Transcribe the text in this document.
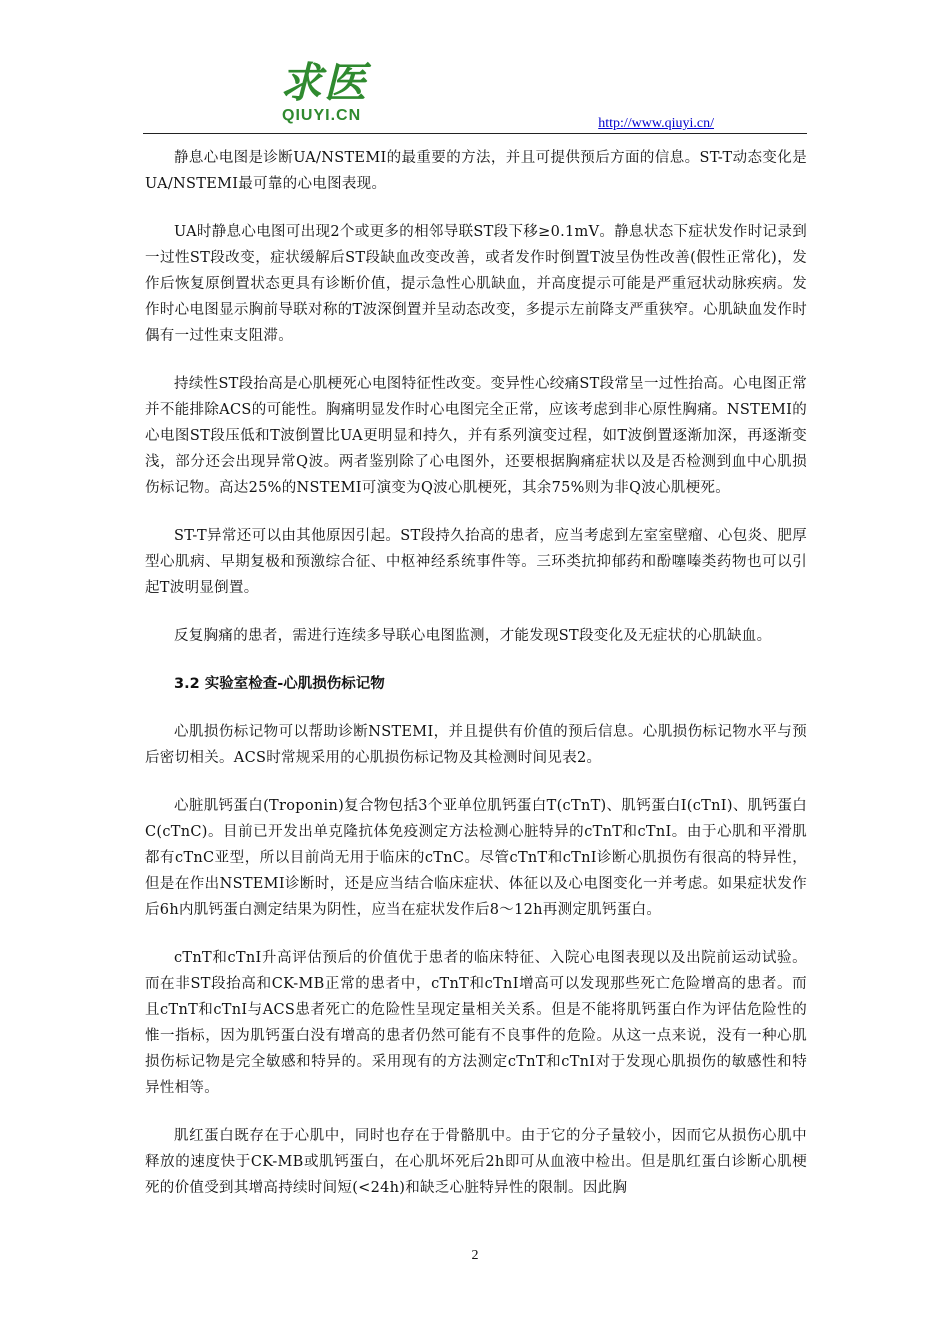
求医
QIUYI.CN	http://www.qiuyi.cn/

静息心电图是诊断UA/NSTEMI的最重要的方法，并且可提供预后方面的信息。ST-T动态变化是UA/NSTEMI最可靠的心电图表现。

UA时静息心电图可出现2个或更多的相邻导联ST段下移≥0.1mV。静息状态下症状发作时记录到一过性ST段改变，症状缓解后ST段缺血改变改善，或者发作时倒置T波呈伪性改善(假性正常化)，发作后恢复原倒置状态更具有诊断价值，提示急性心肌缺血，并高度提示可能是严重冠状动脉疾病。发作时心电图显示胸前导联对称的T波深倒置并呈动态改变，多提示左前降支严重狭窄。心肌缺血发作时偶有一过性束支阻滞。

持续性ST段抬高是心肌梗死心电图特征性改变。变异性心绞痛ST段常呈一过性抬高。心电图正常并不能排除ACS的可能性。胸痛明显发作时心电图完全正常，应该考虑到非心原性胸痛。NSTEMI的心电图ST段压低和T波倒置比UA更明显和持久，并有系列演变过程，如T波倒置逐渐加深，再逐渐变浅，部分还会出现异常Q波。两者鉴别除了心电图外，还要根据胸痛症状以及是否检测到血中心肌损伤标记物。高达25%的NSTEMI可演变为Q波心肌梗死，其余75%则为非Q波心肌梗死。

ST-T异常还可以由其他原因引起。ST段持久抬高的患者，应当考虑到左室室壁瘤、心包炎、肥厚型心肌病、早期复极和预激综合征、中枢神经系统事件等。三环类抗抑郁药和酚噻嗪类药物也可以引起T波明显倒置。

反复胸痛的患者，需进行连续多导联心电图监测，才能发现ST段变化及无症状的心肌缺血。

3.2 实验室检查-心肌损伤标记物

心肌损伤标记物可以帮助诊断NSTEMI，并且提供有价值的预后信息。心肌损伤标记物水平与预后密切相关。ACS时常规采用的心肌损伤标记物及其检测时间见表2。

心脏肌钙蛋白(Troponin)复合物包括3个亚单位肌钙蛋白T(cTnT)、肌钙蛋白I(cTnI)、肌钙蛋白C(cTnC)。目前已开发出单克隆抗体免疫测定方法检测心脏特异的cTnT和cTnI。由于心肌和平滑肌都有cTnC亚型，所以目前尚无用于临床的cTnC。尽管cTnT和cTnI诊断心肌损伤有很高的特异性，但是在作出NSTEMI诊断时，还是应当结合临床症状、体征以及心电图变化一并考虑。如果症状发作后6h内肌钙蛋白测定结果为阴性，应当在症状发作后8～12h再测定肌钙蛋白。

cTnT和cTnI升高评估预后的价值优于患者的临床特征、入院心电图表现以及出院前运动试验。而在非ST段抬高和CK-MB正常的患者中，cTnT和cTnI增高可以发现那些死亡危险增高的患者。而且cTnT和cTnI与ACS患者死亡的危险性呈现定量相关关系。但是不能将肌钙蛋白作为评估危险性的惟一指标，因为肌钙蛋白没有增高的患者仍然可能有不良事件的危险。从这一点来说，没有一种心肌损伤标记物是完全敏感和特异的。采用现有的方法测定cTnT和cTnI对于发现心肌损伤的敏感性和特异性相等。

肌红蛋白既存在于心肌中，同时也存在于骨骼肌中。由于它的分子量较小，因而它从损伤心肌中释放的速度快于CK-MB或肌钙蛋白，在心肌坏死后2h即可从血液中检出。但是肌红蛋白诊断心肌梗死的价值受到其增高持续时间短(<24h)和缺乏心脏特异性的限制。因此胸

2
